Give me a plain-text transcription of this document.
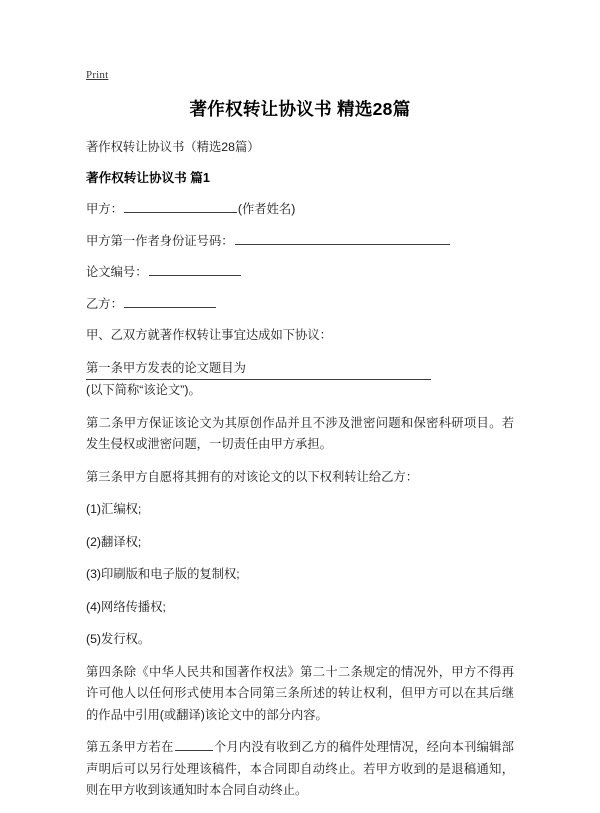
Print
著作权转让协议书 精选28篇
著作权转让协议书（精选28篇）
著作权转让协议书 篇1

甲方：	(作者姓名)

甲方第一作者身份证号码：

论文编号：

乙方：

甲、乙双方就著作权转让事宜达成如下协议：

第一条甲方发表的论文题目为
(以下简称“该论文”)。

第二条甲方保证该论文为其原创作品并且不涉及泄密问题和保密科研项目。若发生侵权或泄密问题，一切责任由甲方承担。

第三条甲方自愿将其拥有的对该论文的以下权利转让给乙方：

(1)汇编权;
(2)翻译权;
(3)印刷版和电子版的复制权;
(4)网络传播权;
(5)发行权。

第四条除《中华人民共和国著作权法》第二十二条规定的情况外，甲方不得再许可他人以任何形式使用本合同第三条所述的转让权利，但甲方可以在其后继的作品中引用(或翻译)该论文中的部分内容。

第五条甲方若在	个月内没有收到乙方的稿件处理情况，经向本刊编辑部声明后可以另行处理该稿件，本合同即自动终止。若甲方收到的是退稿通知，则在甲方收到该通知时本合同自动终止。
